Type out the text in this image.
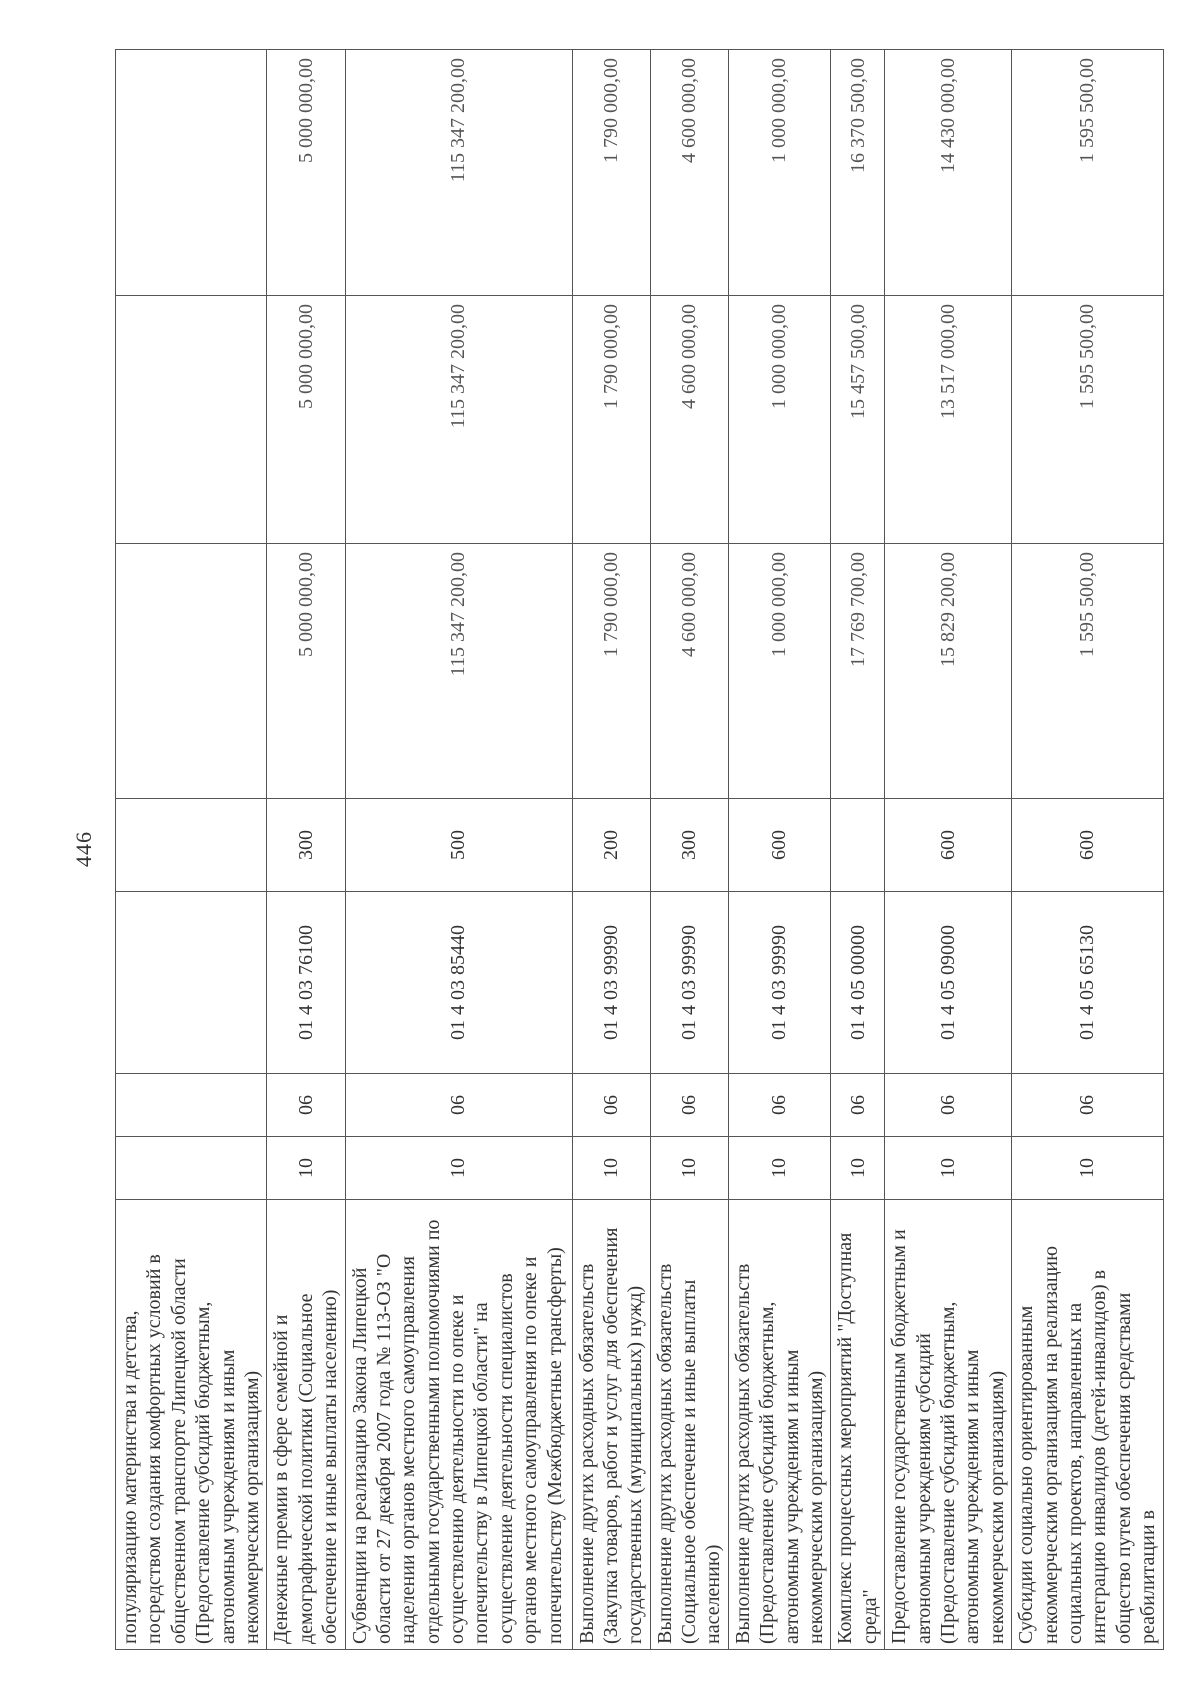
446
популяризацию материнства и детства, посредством создания комфортных условий в общественном транспорте Липецкой области (Предоставление субсидий бюджетным, автономным учреждениям и иным некоммерческим организациям)							
Денежные премии в сфере семейной и демографической политики (Социальное обеспечение и иные выплаты населению)	10	06	01 4 03 76100	300	5 000 000,00	5 000 000,00	5 000 000,00
Субвенции на реализацию Закона Липецкой области от 27 декабря 2007 года № 113-ОЗ "О наделении органов местного самоуправления отдельными государственными полномочиями по осуществлению деятельности по опеке и попечительству в Липецкой области" на осуществление деятельности специалистов органов местного самоуправления по опеке и попечительству (Межбюджетные трансферты)	10	06	01 4 03 85440	500	115 347 200,00	115 347 200,00	115 347 200,00
Выполнение других расходных обязательств (Закупка товаров, работ и услуг для обеспечения государственных (муниципальных) нужд)	10	06	01 4 03 99990	200	1 790 000,00	1 790 000,00	1 790 000,00
Выполнение других расходных обязательств (Социальное обеспечение и иные выплаты населению)	10	06	01 4 03 99990	300	4 600 000,00	4 600 000,00	4 600 000,00
Выполнение других расходных обязательств (Предоставление субсидий бюджетным, автономным учреждениям и иным некоммерческим организациям)	10	06	01 4 03 99990	600	1 000 000,00	1 000 000,00	1 000 000,00
Комплекс процессных мероприятий "Доступная среда"	10	06	01 4 05 00000		17 769 700,00	15 457 500,00	16 370 500,00
Предоставление государственным бюджетным и автономным учреждениям субсидий (Предоставление субсидий бюджетным, автономным учреждениям и иным некоммерческим организациям)	10	06	01 4 05 09000	600	15 829 200,00	13 517 000,00	14 430 000,00
Субсидии социально ориентированным некоммерческим организациям на реализацию социальных проектов, направленных на интеграцию инвалидов (детей-инвалидов) в общество путем обеспечения средствами реабилитации в	10	06	01 4 05 65130	600	1 595 500,00	1 595 500,00	1 595 500,00
